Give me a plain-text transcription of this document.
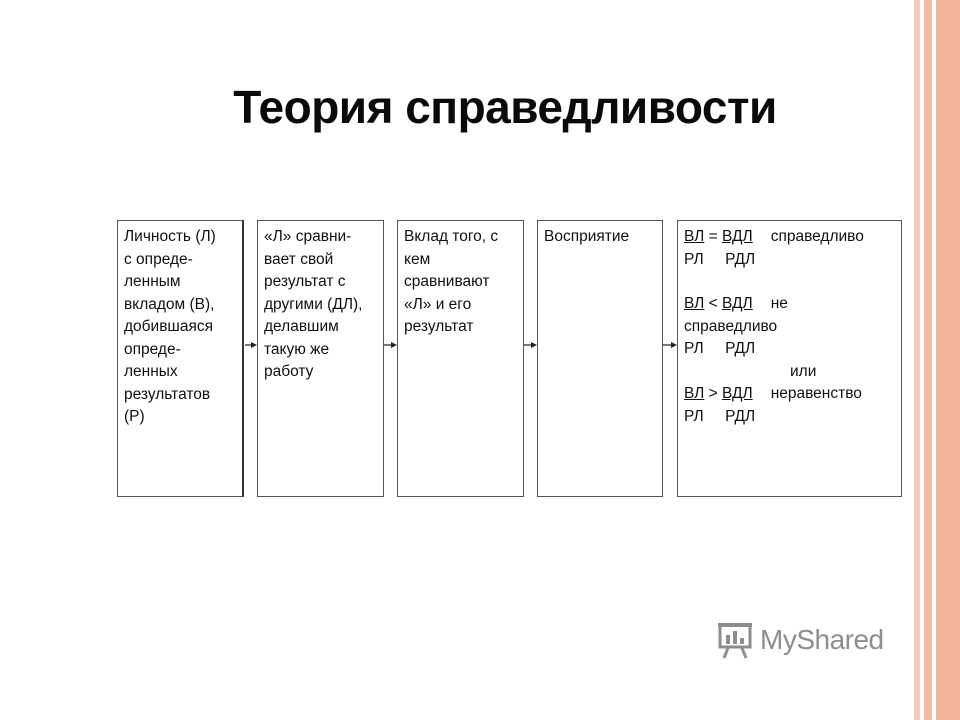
Теория справедливости
Личность (Л)
с опреде-
ленным
вкладом (В),
добившаяся
опреде-
ленных
результатов
(Р)
«Л» сравни-
вает свой
результат с
другими (ДЛ),
делавшим
такую же
работу
Вклад того, с
кем
сравнивают
«Л» и его
результат
Восприятие	ВЛ = ВДЛ справедливо
РЛ     РДЛ
ВЛ < ВДЛ не
справедливо
РЛ     РДЛ
или
ВЛ > ВДЛ неравенство
РЛ     РДЛ
MyShared
